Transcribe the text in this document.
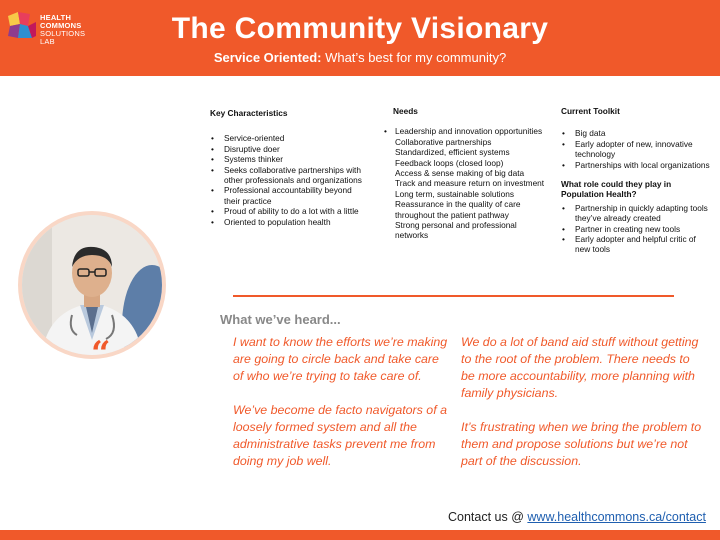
HEALTH
COMMONS
SOLUTIONS
LAB	The Community Visionary
Service Oriented: What’s best for my community?
Key Characteristics
• Service-oriented
• Disruptive doer
• Systems thinker
• Seeks collaborative partnerships with other professionals and organizations
• Professional accountability beyond their practice
• Proud of ability to do a lot with a little
• Oriented to population health
Needs
• Leadership and innovation opportunities
Collaborative partnerships
Standardized, efficient systems
Feedback loops (closed loop)
Access & sense making of big data
Track and measure return on investment
Long term, sustainable solutions
Reassurance in the quality of care throughout the patient pathway
Strong personal and professional networks
Current Toolkit
• Big data
• Early adopter of new, innovative technology
• Partnerships with local organizations
What role could they play in Population Health?
• Partnership in quickly adapting tools they’ve already created
• Partner in creating new tools
• Early adopter and helpful critic of new tools
“
What we’ve heard...

I want to know the efforts we’re making are going to circle back and take care of who we’re trying to take care of.

We’ve become de facto navigators of a loosely formed system and all the administrative tasks prevent me from doing my job well.

We do a lot of band aid stuff without getting to the root of the problem. There needs to be more accountability, more planning with family physicians.

It’s frustrating when we bring the problem to them and propose solutions but we’re not part of the discussion.

Contact us @ www.healthcommons.ca/contact
